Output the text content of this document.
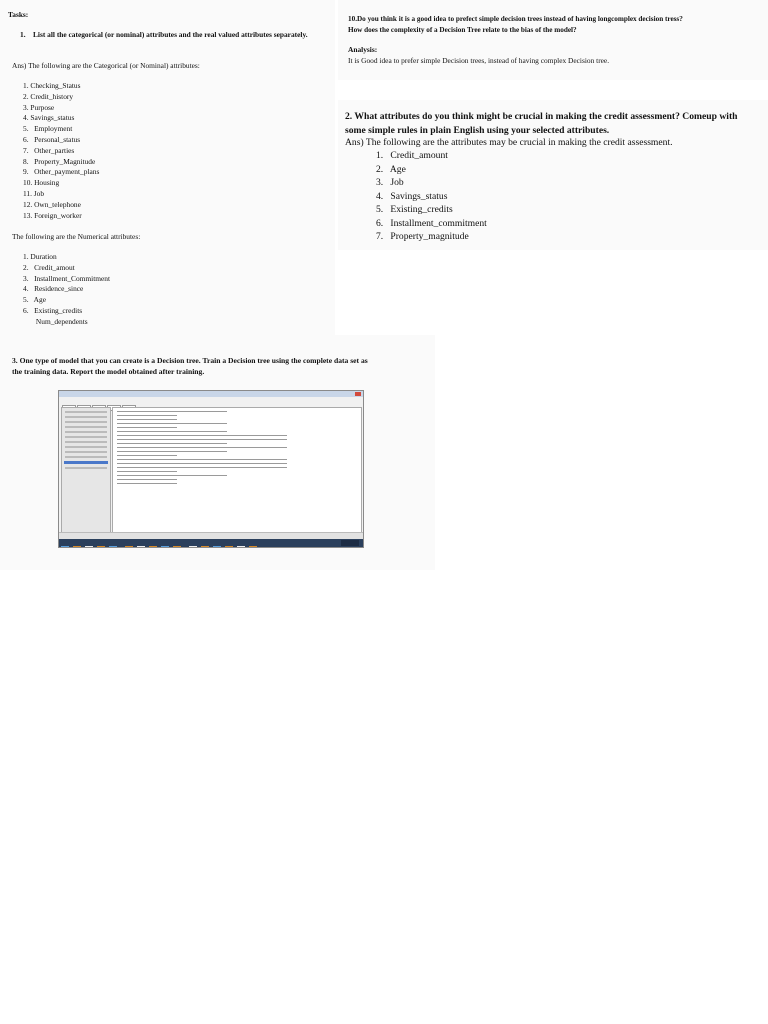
Tasks:
1. List all the categorical (or nominal) attributes and the real valued attributes separately.
Ans) The following are the Categorical (or Nominal) attributes:
1. Checking_Status
2. Credit_history
3. Purpose
4. Savings_status
5.   Employment
6.   Personal_status
7.   Other_parties
8.   Property_Magnitude
9.   Other_payment_plans
10. Housing
11. Job
12. Own_telephone
13. Foreign_worker
The following are the Numerical attributes:
1. Duration
2.   Credit_amout
3.   Installment_Commitment
4.   Residence_since
5.   Age
6.   Existing_credits
Num_dependents
3. One type of model that you can create is a Decision tree. Train a Decision tree using the complete data set as the training data. Report the model obtained after training.

10.Do you think it is a good idea to prefect simple decision trees instead of having longcomplex decision tress? How does the complexity of a Decision Tree relate to the bias of the model?
Analysis:
It is Good idea to prefer simple Decision trees, instead of having complex Decision tree.
2. What attributes do you think might be crucial in making the credit assessment? Comeup with some simple rules in plain English using your selected attributes.
Ans) The following are the attributes may be crucial in making the credit assessment.
1.   Credit_amount
2.   Age
3.   Job
4.   Savings_status
5.   Existing_credits
6.   Installment_commitment
7.   Property_magnitude
